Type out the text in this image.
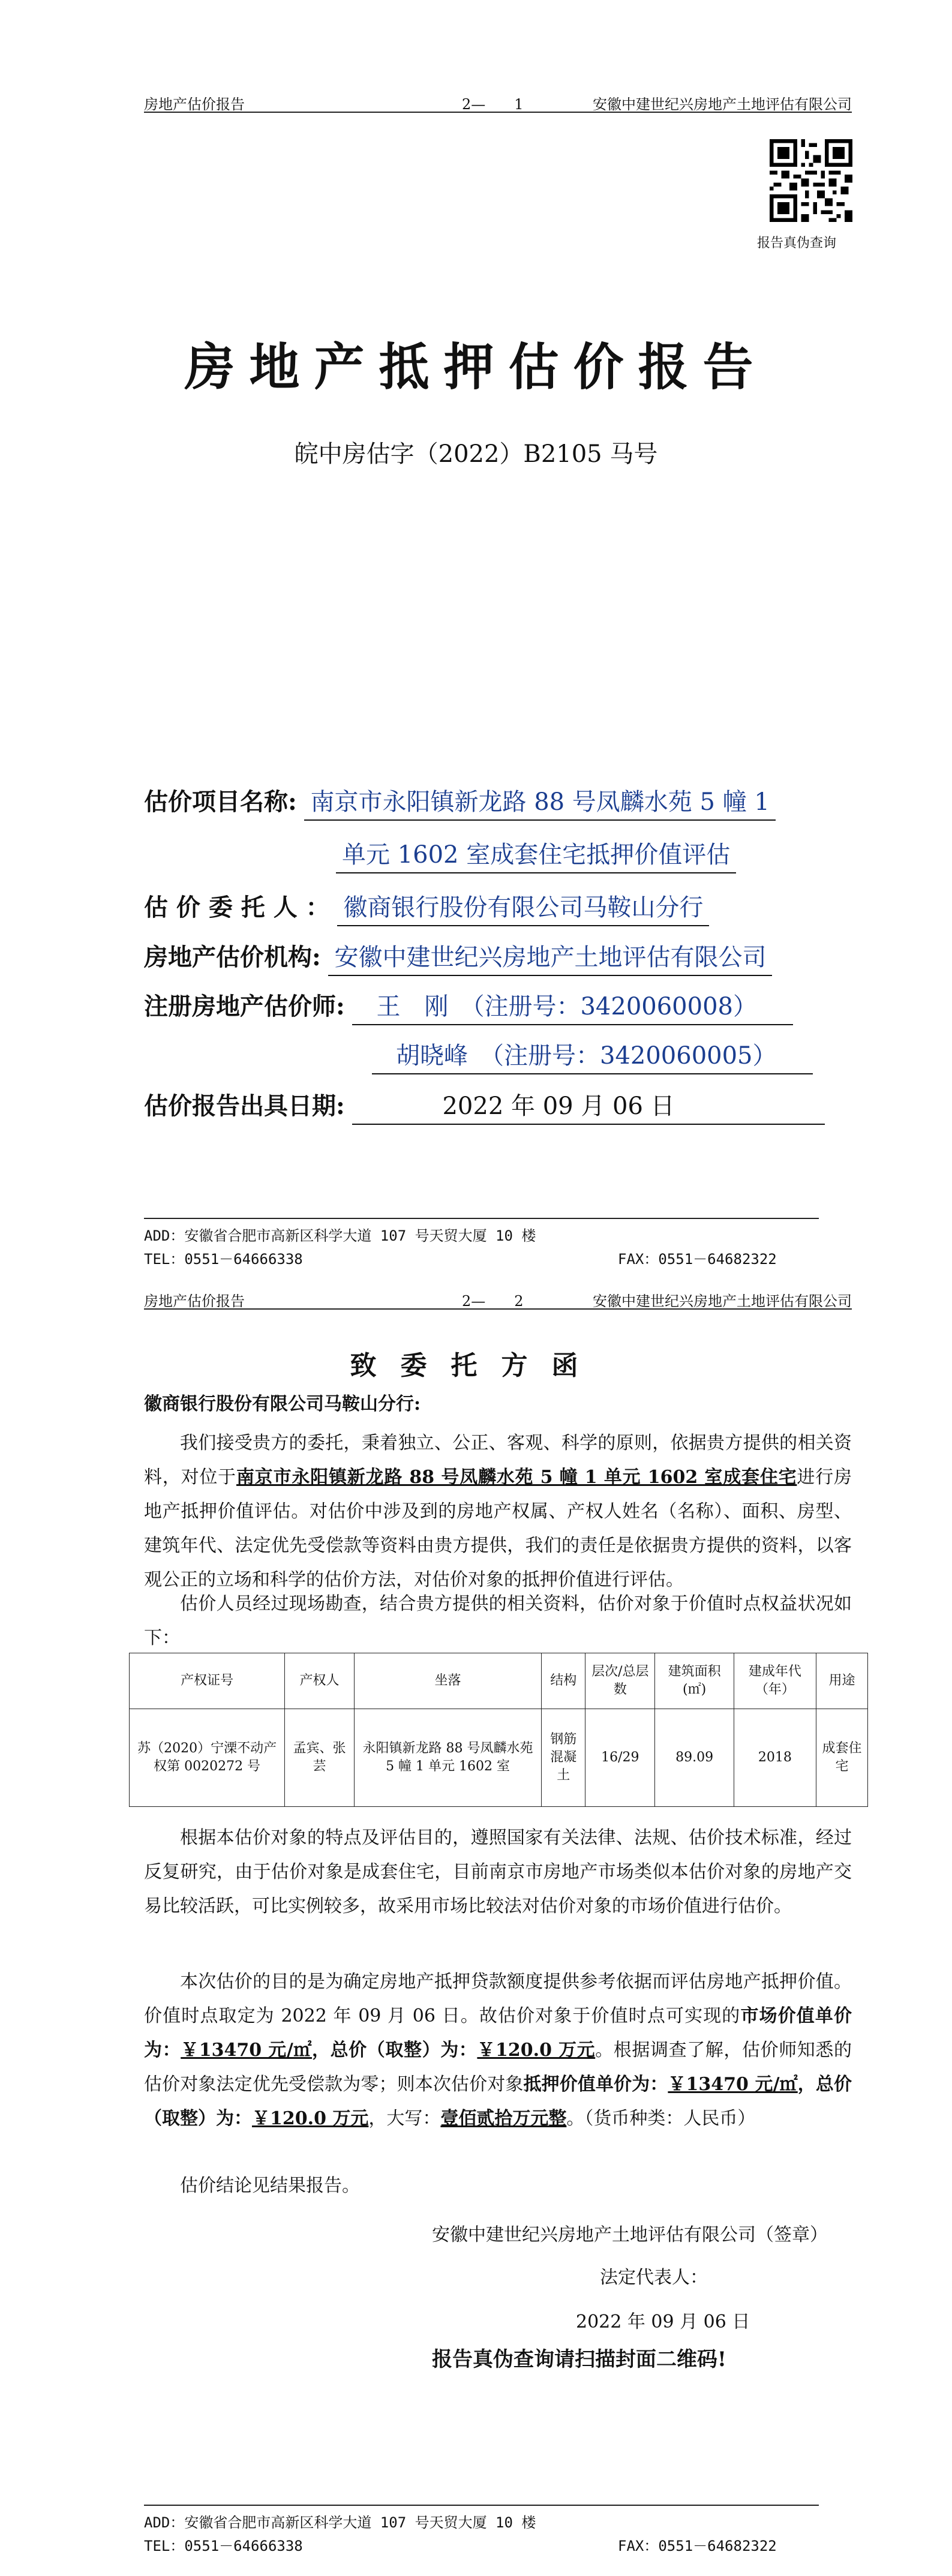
房地产估价报告	2—　　1	安徽中建世纪兴房地产土地评估有限公司
报告真伪查询
房地产抵押估价报告
皖中房估字（2022）B2105 马号
估价项目名称: 南京市永阳镇新龙路 88 号凤麟水苑 5 幢 1
单元 1602 室成套住宅抵押价值评估
估 价 委 托 人 ： 徽商银行股份有限公司马鞍山分行
房地产估价机构: 安徽中建世纪兴房地产土地评估有限公司
注册房地产估价师: 王　刚　（注册号：3420060008）
胡晓峰　（注册号：3420060005）
估价报告出具日期:	2022 年 09 月 06 日
ADD：安徽省合肥市高新区科学大道 107 号天贸大厦 10 楼
TEL：0551－64666338	FAX：0551－64682322
房地产估价报告	2—　　2	安徽中建世纪兴房地产土地评估有限公司
致委托方函
徽商银行股份有限公司马鞍山分行:
我们接受贵方的委托，秉着独立、公正、客观、科学的原则，依据贵方提供的相关资料，对位于南京市永阳镇新龙路 88 号凤麟水苑 5 幢 1 单元 1602 室成套住宅进行房地产抵押价值评估。对估价中涉及到的房地产权属、产权人姓名（名称）、面积、房型、建筑年代、法定优先受偿款等资料由贵方提供，我们的责任是依据贵方提供的资料，以客观公正的立场和科学的估价方法，对估价对象的抵押价值进行评估。
估价人员经过现场勘查，结合贵方提供的相关资料，估价对象于价值时点权益状况如下：
产权证号	产权人	坐落	结构	层次/总层数	建筑面积(㎡)	建成年代（年）	用途
苏（2020）宁溧不动产权第 0020272 号	孟宾、张芸	永阳镇新龙路 88 号凤麟水苑 5 幢 1 单元 1602 室	钢筋混凝土	16/29	89.09	2018	成套住宅
根据本估价对象的特点及评估目的，遵照国家有关法律、法规、估价技术标准，经过反复研究，由于估价对象是成套住宅，目前南京市房地产市场类似本估价对象的房地产交易比较活跃，可比实例较多，故采用市场比较法对估价对象的市场价值进行估价。
本次估价的目的是为确定房地产抵押贷款额度提供参考依据而评估房地产抵押价值。价值时点取定为 2022 年 09 月 06 日。故估价对象于价值时点可实现的市场价值单价为：￥13470 元/㎡，总价（取整）为：￥120.0 万元。根据调查了解，估价师知悉的估价对象法定优先受偿款为零；则本次估价对象抵押价值单价为：￥13470 元/㎡，总价（取整）为：￥120.0 万元，大写：壹佰贰拾万元整。（货币种类：人民币）
估价结论见结果报告。
安徽中建世纪兴房地产土地评估有限公司（签章）
法定代表人：
2022 年 09 月 06 日
报告真伪查询请扫描封面二维码!
ADD：安徽省合肥市高新区科学大道 107 号天贸大厦 10 楼
TEL：0551－64666338	FAX：0551－64682322
